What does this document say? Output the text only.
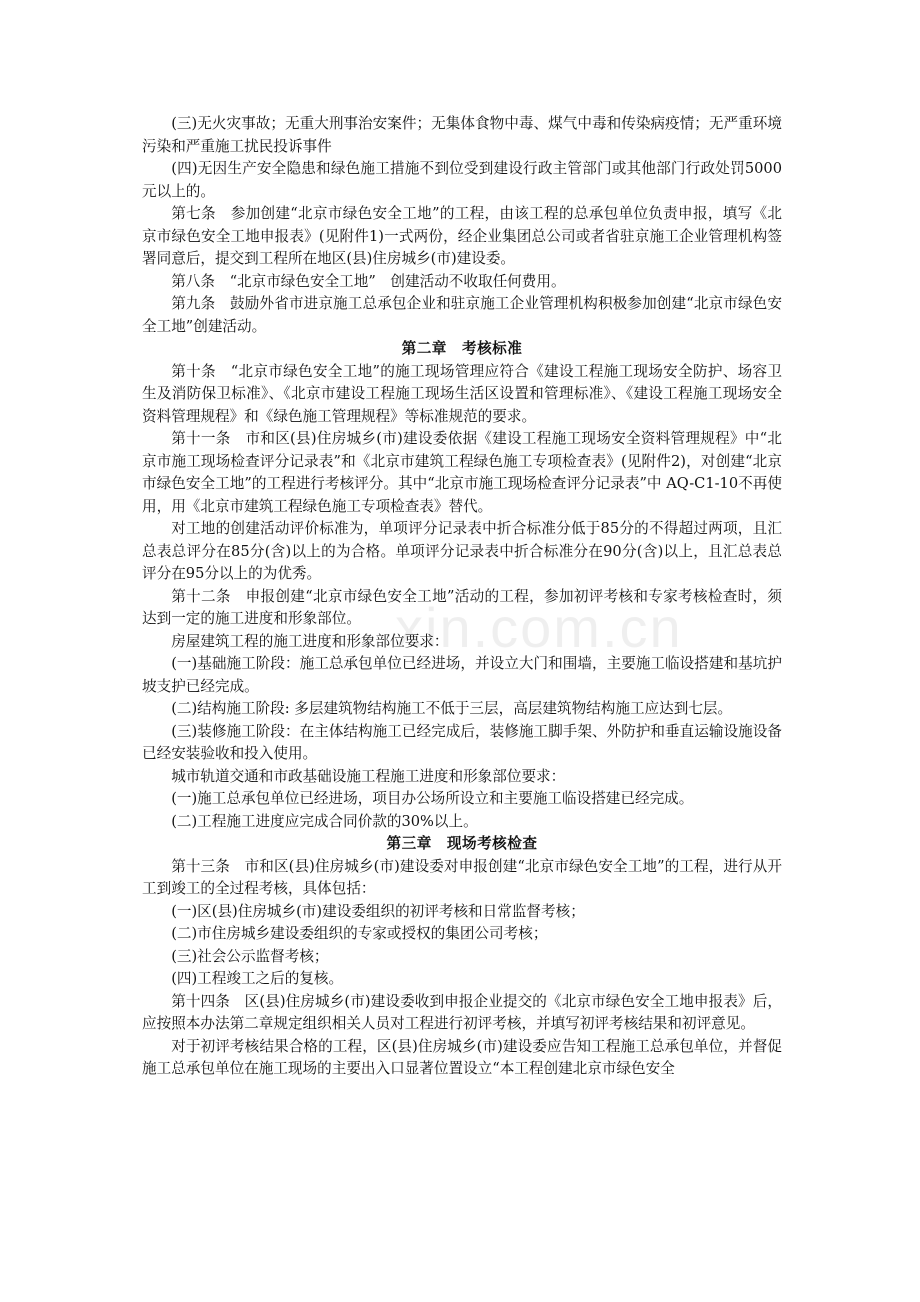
xin.com.cn

(三)无火灾事故；无重大刑事治安案件；无集体食物中毒、煤气中毒和传染病疫情；无严重环境污染和严重施工扰民投诉事件

(四)无因生产安全隐患和绿色施工措施不到位受到建设行政主管部门或其他部门行政处罚5000元以上的。

第七条　参加创建“北京市绿色安全工地”的工程，由该工程的总承包单位负责申报，填写《北京市绿色安全工地申报表》(见附件1)一式两份，经企业集团总公司或者省驻京施工企业管理机构签署同意后，提交到工程所在地区(县)住房城乡(市)建设委。

第八条　“北京市绿色安全工地”　创建活动不收取任何费用。

第九条　鼓励外省市进京施工总承包企业和驻京施工企业管理机构积极参加创建“北京市绿色安全工地”创建活动。

第二章　考核标准

第十条　“北京市绿色安全工地”的施工现场管理应符合《建设工程施工现场安全防护、场容卫生及消防保卫标准》、《北京市建设工程施工现场生活区设置和管理标准》、《建设工程施工现场安全资料管理规程》和《绿色施工管理规程》等标准规范的要求。

第十一条　市和区(县)住房城乡(市)建设委依据《建设工程施工现场安全资料管理规程》中“北京市施工现场检查评分记录表”和《北京市建筑工程绿色施工专项检查表》(见附件2)，对创建“北京市绿色安全工地”的工程进行考核评分。其中“北京市施工现场检查评分记录表”中 AQ-C1-10不再使用，用《北京市建筑工程绿色施工专项检查表》替代。

对工地的创建活动评价标准为，单项评分记录表中折合标准分低于85分的不得超过两项，且汇总表总评分在85分(含)以上的为合格。单项评分记录表中折合标准分在90分(含)以上，且汇总表总评分在95分以上的为优秀。

第十二条　申报创建“北京市绿色安全工地”活动的工程，参加初评考核和专家考核检查时，须达到一定的施工进度和形象部位。

房屋建筑工程的施工进度和形象部位要求：

(一)基础施工阶段：施工总承包单位已经进场，并设立大门和围墙，主要施工临设搭建和基坑护坡支护已经完成。

(二)结构施工阶段: 多层建筑物结构施工不低于三层，高层建筑物结构施工应达到七层。

(三)装修施工阶段：在主体结构施工已经完成后，装修施工脚手架、外防护和垂直运输设施设备已经安装验收和投入使用。

城市轨道交通和市政基础设施工程施工进度和形象部位要求：

(一)施工总承包单位已经进场，项目办公场所设立和主要施工临设搭建已经完成。

(二)工程施工进度应完成合同价款的30%以上。

第三章　现场考核检查

第十三条　市和区(县)住房城乡(市)建设委对申报创建“北京市绿色安全工地”的工程，进行从开工到竣工的全过程考核，具体包括：

(一)区(县)住房城乡(市)建设委组织的初评考核和日常监督考核；

(二)市住房城乡建设委组织的专家或授权的集团公司考核；

(三)社会公示监督考核；

(四)工程竣工之后的复核。

第十四条　区(县)住房城乡(市)建设委收到申报企业提交的《北京市绿色安全工地申报表》后，应按照本办法第二章规定组织相关人员对工程进行初评考核，并填写初评考核结果和初评意见。

对于初评考核结果合格的工程，区(县)住房城乡(市)建设委应告知工程施工总承包单位，并督促施工总承包单位在施工现场的主要出入口显著位置设立“本工程创建北京市绿色安全
